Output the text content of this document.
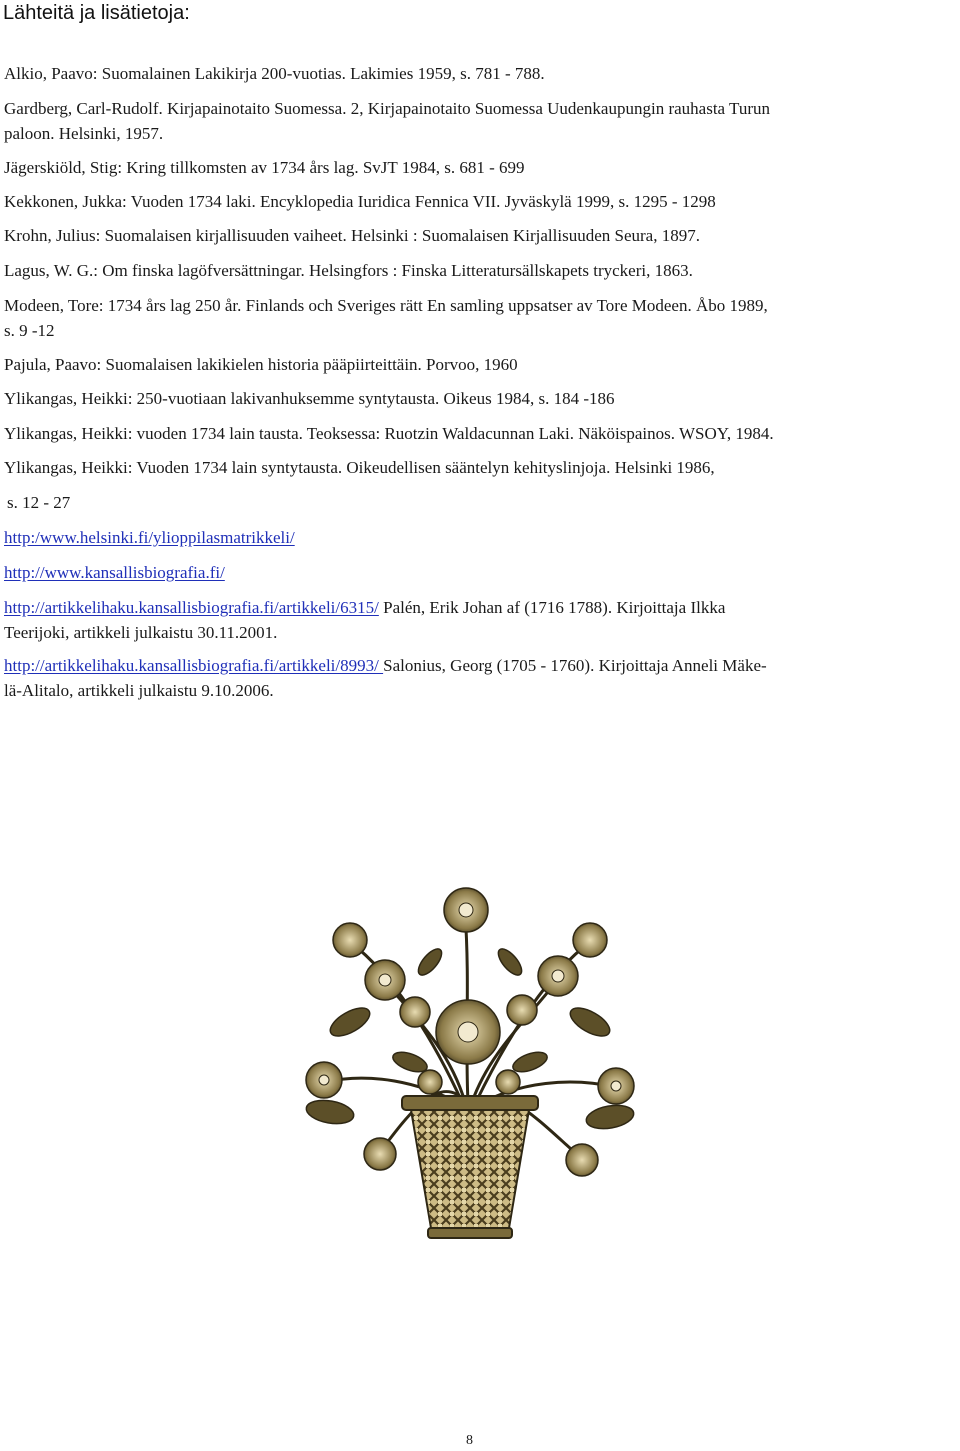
Lähteitä ja lisätietoja:
Alkio, Paavo: Suomalainen Lakikirja 200-vuotias. Lakimies 1959, s. 781 - 788.
Gardberg, Carl-Rudolf. Kirjapainotaito Suomessa. 2, Kirjapainotaito Suomessa Uudenkaupungin rauhasta Turun
paloon. Helsinki, 1957.
Jägerskiöld, Stig: Kring tillkomsten av 1734 års lag. SvJT 1984, s. 681 - 699
Kekkonen, Jukka: Vuoden 1734 laki. Encyklopedia Iuridica Fennica VII. Jyväskylä 1999, s. 1295 - 1298
Krohn, Julius: Suomalaisen kirjallisuuden vaiheet. Helsinki : Suomalaisen Kirjallisuuden Seura, 1897.
Lagus, W. G.: Om finska lagöfversättningar. Helsingfors : Finska Litteratursällskapets tryckeri, 1863.
Modeen, Tore: 1734 års lag 250 år. Finlands och Sveriges rätt En samling uppsatser av Tore Modeen. Åbo 1989,
s. 9 -12
Pajula, Paavo: Suomalaisen lakikielen historia pääpiirteittäin. Porvoo, 1960
Ylikangas, Heikki: 250-vuotiaan lakivanhuksemme syntytausta. Oikeus 1984, s. 184 -186
Ylikangas, Heikki: vuoden 1734 lain tausta. Teoksessa: Ruotzin Waldacunnan Laki. Näköispainos. WSOY, 1984.
Ylikangas, Heikki: Vuoden 1734 lain syntytausta. Oikeudellisen sääntelyn kehityslinjoja. Helsinki 1986,
s. 12 - 27
http:/www.helsinki.fi/ylioppilasmatrikkeli/
http://www.kansallisbiografia.fi/
http://artikkelihaku.kansallisbiografia.fi/artikkeli/6315/ Palén, Erik Johan af (1716 1788). Kirjoittaja Ilkka
Teerijoki, artikkeli julkaistu 30.11.2001.
http://artikkelihaku.kansallisbiografia.fi/artikkeli/8993/ Salonius, Georg (1705 - 1760). Kirjoittaja Anneli Mäke-
lä-Alitalo, artikkeli julkaistu 9.10.2006.
8
